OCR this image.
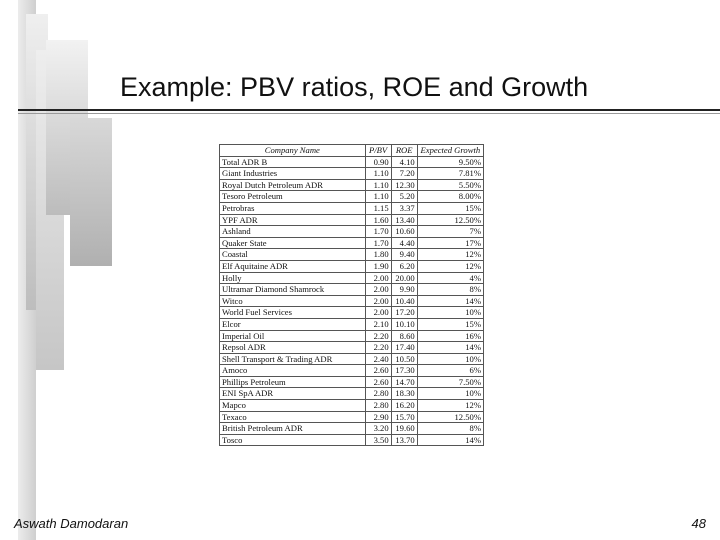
Example: PBV ratios, ROE and Growth
Company Name	P/BV	ROE	Expected Growth
Total ADR B	0.90	4.10	9.50%
Giant Industries	1.10	7.20	7.81%
Royal Dutch Petroleum ADR	1.10	12.30	5.50%
Tesoro Petroleum	1.10	5.20	8.00%
Petrobras	1.15	3.37	15%
YPF ADR	1.60	13.40	12.50%
Ashland	1.70	10.60	7%
Quaker State	1.70	4.40	17%
Coastal	1.80	9.40	12%
Elf Aquitaine ADR	1.90	6.20	12%
Holly	2.00	20.00	4%
Ultramar Diamond Shamrock	2.00	9.90	8%
Witco	2.00	10.40	14%
World Fuel Services	2.00	17.20	10%
Elcor	2.10	10.10	15%
Imperial Oil	2.20	8.60	16%
Repsol ADR	2.20	17.40	14%
Shell Transport & Trading ADR	2.40	10.50	10%
Amoco	2.60	17.30	6%
Phillips Petroleum	2.60	14.70	7.50%
ENI SpA ADR	2.80	18.30	10%
Mapco	2.80	16.20	12%
Texaco	2.90	15.70	12.50%
British Petroleum ADR	3.20	19.60	8%
Tosco	3.50	13.70	14%
Aswath Damodaran	48
